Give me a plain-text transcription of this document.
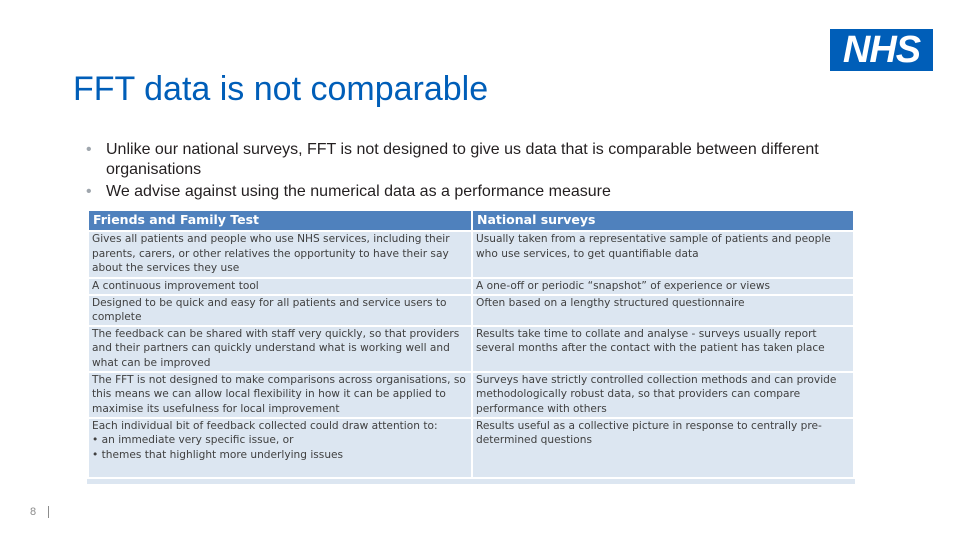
NHS
FFT data is not comparable
• Unlike our national surveys, FFT is not designed to give us data that is comparable between different organisations
• We advise against using the numerical data as a performance measure
Friends and Family Test	National surveys
Gives all patients and people who use NHS services, including their parents, carers, or other relatives the opportunity to have their say about the services they use	Usually taken from a representative sample of patients and people who use services, to get quantifiable data
A continuous improvement tool	A one-off or periodic “snapshot” of experience or views
Designed to be quick and easy for all patients and service users to complete	Often based on a lengthy structured questionnaire
The feedback can be shared with staff very quickly, so that providers and their partners can quickly understand what is working well and what can be improved	Results take time to collate and analyse - surveys usually report several months after the contact with the patient has taken place
The FFT is not designed to make comparisons across organisations, so this means we can allow local flexibility in how it can be applied to maximise its usefulness for local improvement	Surveys have strictly controlled collection methods and can provide methodologically robust data, so that providers can compare performance with others

Each individual bit of feedback collected could draw attention to:
• an immediate very specific issue, or
• themes that highlight more underlying issues	Results useful as a collective picture in response to centrally pre-determined questions
8
